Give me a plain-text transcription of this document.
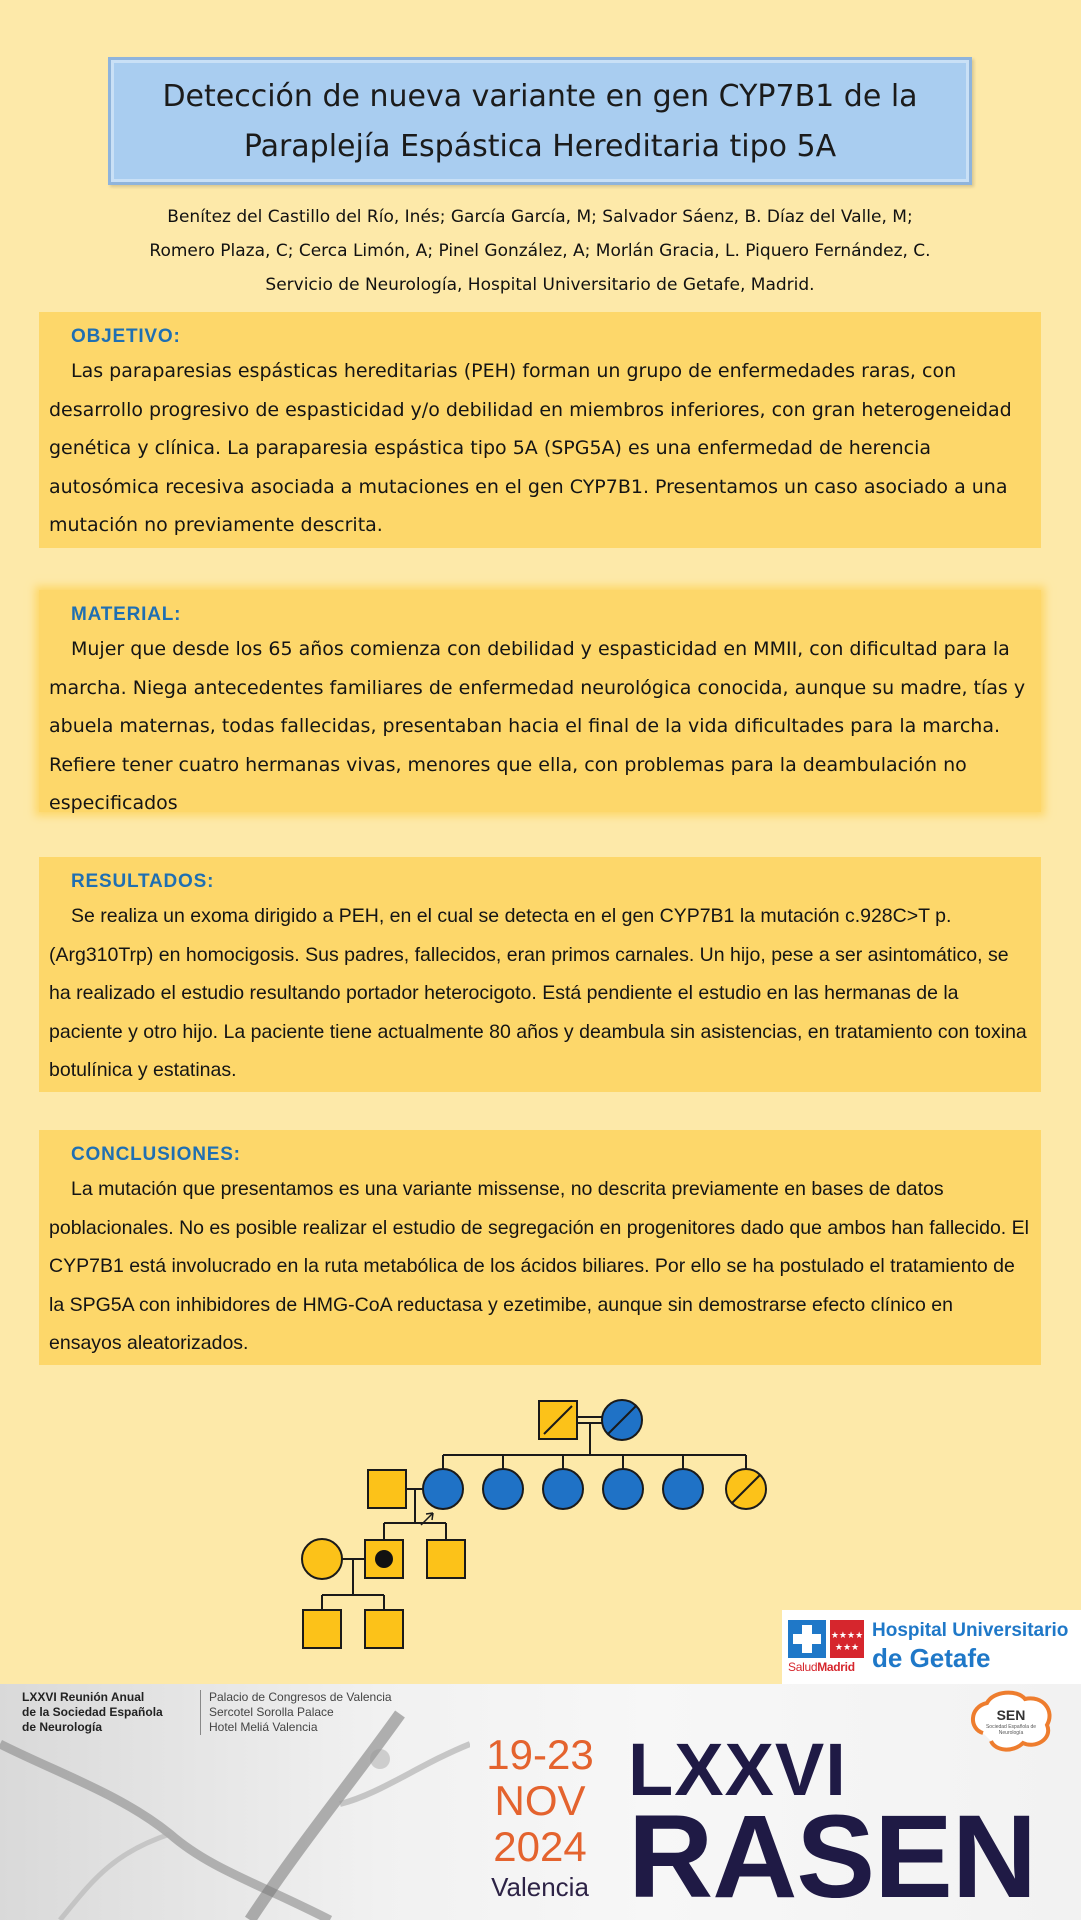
Detección de nueva variante en gen CYP7B1 de la
Paraplejía Espástica Hereditaria tipo 5A
Benítez del Castillo del Río, Inés; García García, M; Salvador Sáenz, B. Díaz del Valle, M;
Romero Plaza, C; Cerca Limón, A; Pinel González, A; Morlán Gracia, L. Piquero Fernández, C.
Servicio de Neurología, Hospital Universitario de Getafe, Madrid.
OBJETIVO:
Las paraparesias espásticas hereditarias (PEH) forman un grupo de enfermedades raras, con desarrollo progresivo de espasticidad y/o debilidad en miembros inferiores, con gran heterogeneidad genética y clínica. La paraparesia espástica tipo 5A (SPG5A) es una enfermedad de herencia autosómica recesiva asociada a mutaciones en el gen CYP7B1. Presentamos un caso asociado a una mutación no previamente descrita.
MATERIAL:
Mujer que desde los 65 años comienza con debilidad y espasticidad en MMII, con dificultad para la marcha. Niega antecedentes familiares de enfermedad neurológica conocida, aunque su madre, tías y abuela maternas, todas fallecidas, presentaban hacia el final de la vida dificultades para la marcha. Refiere tener cuatro hermanas vivas, menores que ella, con problemas para la deambulación no especificados
RESULTADOS:
Se realiza un exoma dirigido a PEH, en el cual se detecta en el gen CYP7B1 la mutación c.928C>T p.(Arg310Trp) en homocigosis. Sus padres, fallecidos, eran primos carnales. Un hijo, pese a ser asintomático, se ha realizado el estudio resultando portador heterocigoto. Está pendiente el estudio en las hermanas de la paciente y otro hijo. La paciente tiene actualmente 80 años y deambula sin asistencias, en tratamiento con toxina botulínica y estatinas.
CONCLUSIONES:
La mutación que presentamos es una variante missense, no descrita previamente en bases de datos poblacionales. No es posible realizar el estudio de segregación en progenitores dado que ambos han fallecido. El CYP7B1 está involucrado en la ruta metabólica de los ácidos biliares. Por ello se ha postulado el tratamiento de la SPG5A con inhibidores de HMG-CoA reductasa y ezetimibe, aunque sin demostrarse efecto clínico en ensayos aleatorizados.
★★★★
★★★
SaludMadrid
Hospital Universitario
de Getafe
LXXVI Reunión Anual
de la Sociedad Española
de Neurología
Palacio de Congresos de Valencia
Sercotel Sorolla Palace
Hotel Meliá Valencia
19-23
NOV
2024
Valencia
LXXVI
RASEN
SEN
Sociedad Española de Neurología
